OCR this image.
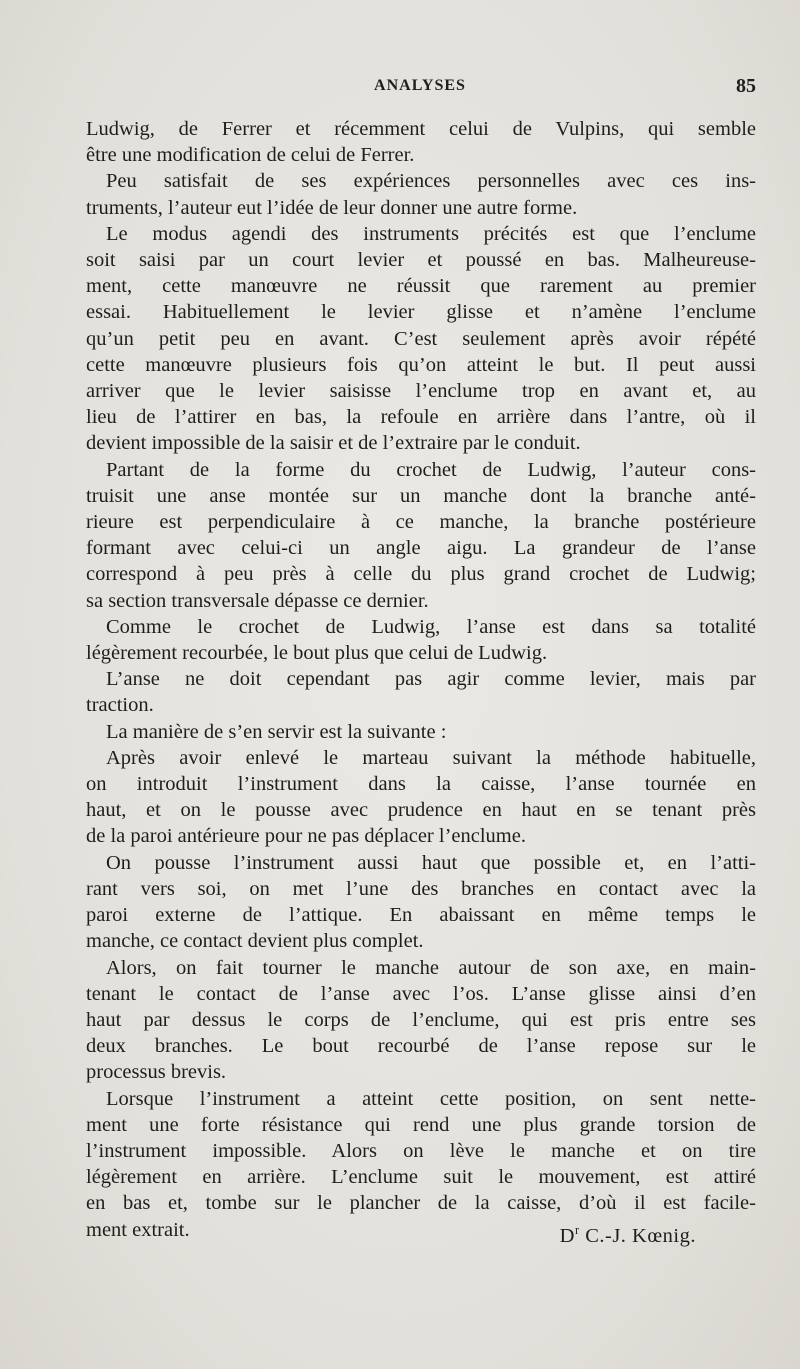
ANALYSES	85
Ludwig, de Ferrer et récemment celui de Vulpins, qui semble
être une modification de celui de Ferrer.
Peu satisfait de ses expériences personnelles avec ces ins-
truments, l’auteur eut l’idée de leur donner une autre forme.
Le modus agendi des instruments précités est que l’enclume
soit saisi par un court levier et poussé en bas. Malheureuse-
ment, cette manœuvre ne réussit que rarement au premier
essai. Habituellement le levier glisse et n’amène l’enclume
qu’un petit peu en avant. C’est seulement après avoir répété
cette manœuvre plusieurs fois qu’on atteint le but. Il peut aussi
arriver que le levier saisisse l’enclume trop en avant et, au
lieu de l’attirer en bas, la refoule en arrière dans l’antre, où il
devient impossible de la saisir et de l’extraire par le conduit.
Partant de la forme du crochet de Ludwig, l’auteur cons-
truisit une anse montée sur un manche dont la branche anté-
rieure est perpendiculaire à ce manche, la branche postérieure
formant avec celui-ci un angle aigu. La grandeur de l’anse
correspond à peu près à celle du plus grand crochet de Ludwig;
sa section transversale dépasse ce dernier.
Comme le crochet de Ludwig, l’anse est dans sa totalité
légèrement recourbée, le bout plus que celui de Ludwig.
L’anse ne doit cependant pas agir comme levier, mais par
traction.
La manière de s’en servir est la suivante :
Après avoir enlevé le marteau suivant la méthode habituelle,
on introduit l’instrument dans la caisse, l’anse tournée en
haut, et on le pousse avec prudence en haut en se tenant près
de la paroi antérieure pour ne pas déplacer l’enclume.
On pousse l’instrument aussi haut que possible et, en l’atti-
rant vers soi, on met l’une des branches en contact avec la
paroi externe de l’attique. En abaissant en même temps le
manche, ce contact devient plus complet.
Alors, on fait tourner le manche autour de son axe, en main-
tenant le contact de l’anse avec l’os. L’anse glisse ainsi d’en
haut par dessus le corps de l’enclume, qui est pris entre ses
deux branches. Le bout recourbé de l’anse repose sur le
processus brevis.
Lorsque l’instrument a atteint cette position, on sent nette-
ment une forte résistance qui rend une plus grande torsion de
l’instrument impossible. Alors on lève le manche et on tire
légèrement en arrière. L’enclume suit le mouvement, est attiré
en bas et, tombe sur le plancher de la caisse, d’où il est facile-
ment extrait.	$D^r$ C.-J. Kœnig.
